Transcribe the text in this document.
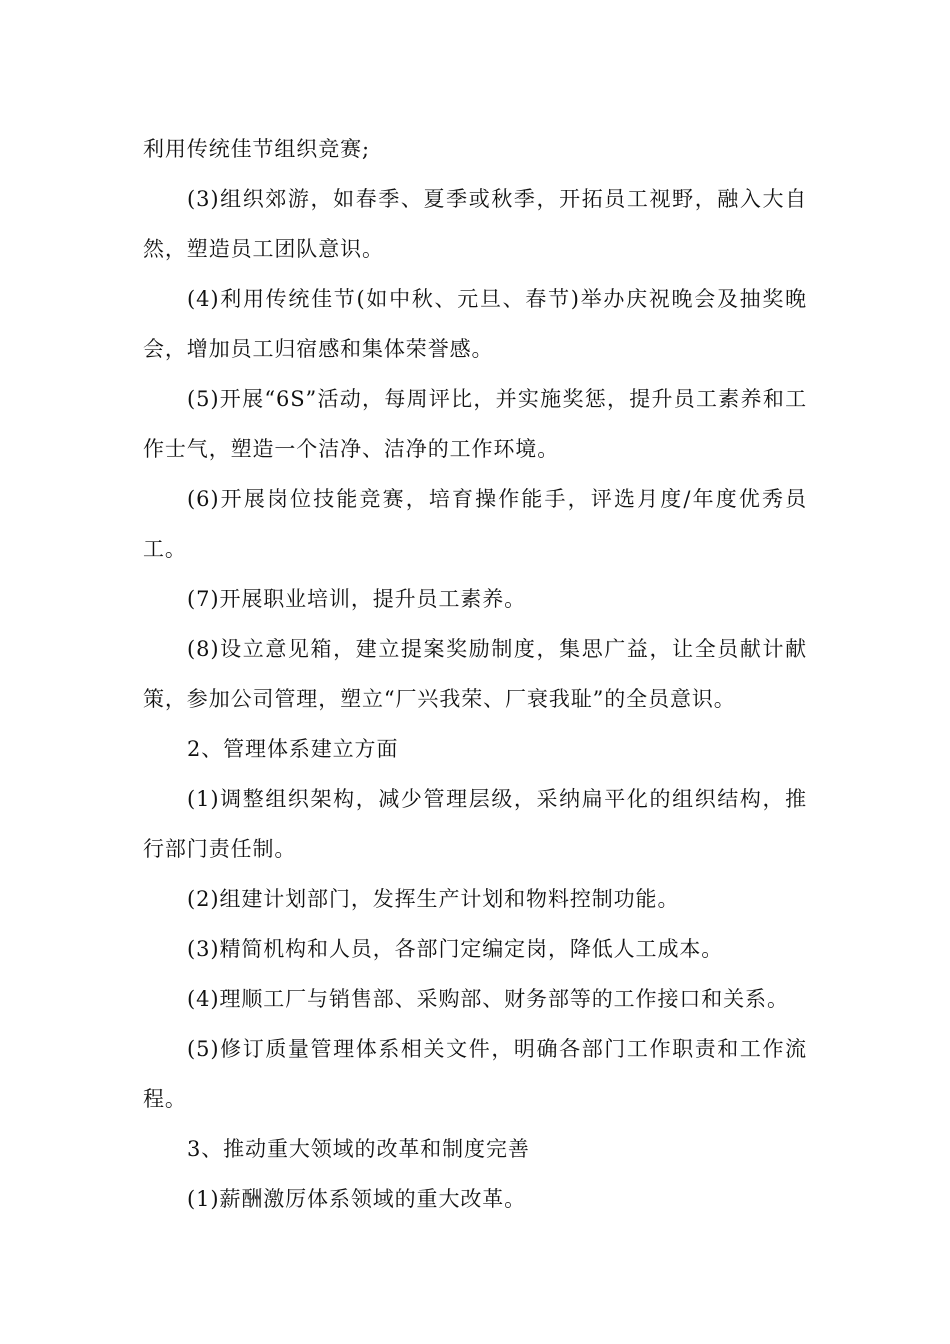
利用传统佳节组织竞赛;

(3)组织郊游，如春季、夏季或秋季，开拓员工视野，融入大自然，塑造员工团队意识。

(4)利用传统佳节(如中秋、元旦、春节)举办庆祝晚会及抽奖晚会，增加员工归宿感和集体荣誉感。

(5)开展“6S”活动，每周评比，并实施奖惩，提升员工素养和工作士气，塑造一个洁净、洁净的工作环境。

(6)开展岗位技能竞赛，培育操作能手，评选月度/年度优秀员工。

(7)开展职业培训，提升员工素养。

(8)设立意见箱，建立提案奖励制度，集思广益，让全员献计献策，参加公司管理，塑立“厂兴我荣、厂衰我耻”的全员意识。

2、管理体系建立方面

(1)调整组织架构，减少管理层级，采纳扁平化的组织结构，推行部门责任制。

(2)组建计划部门，发挥生产计划和物料控制功能。

(3)精简机构和人员，各部门定编定岗，降低人工成本。

(4)理顺工厂与销售部、采购部、财务部等的工作接口和关系。

(5)修订质量管理体系相关文件，明确各部门工作职责和工作流程。

3、推动重大领域的改革和制度完善

(1)薪酬激厉体系领域的重大改革。
